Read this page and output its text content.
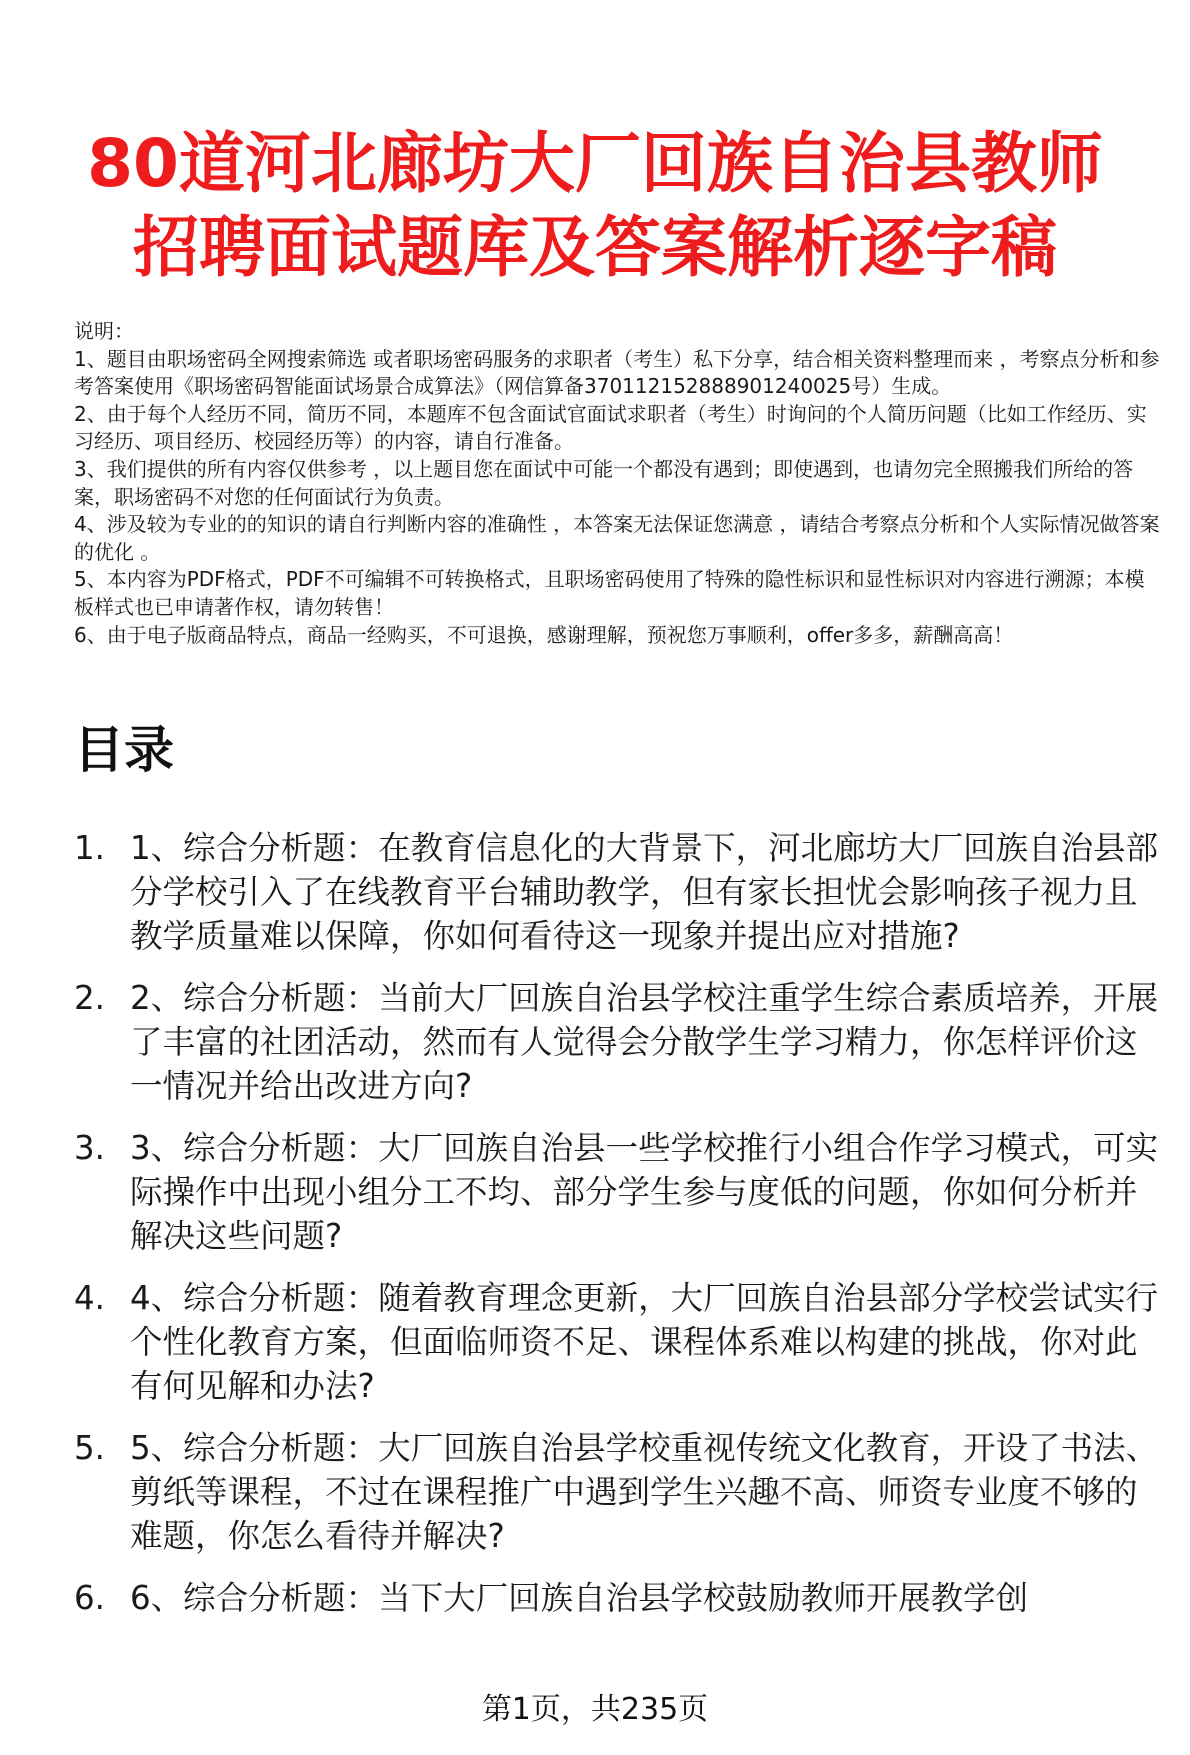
80道河北廊坊大厂回族自治县教师
招聘面试题库及答案解析逐字稿

说明：

1、题目由职场密码全网搜索筛选 或者职场密码服务的求职者（考生）私下分享，结合相关资料整理而来 ，考察点分析和参考答案使用《职场密码智能面试场景合成算法》（网信算备370112152888901240025号）生成。

2、由于每个人经历不同，简历不同，本题库不包含面试官面试求职者（考生）时询问的个人简历问题（比如工作经历、实习经历、项目经历、校园经历等）的内容，请自行准备。

3、我们提供的所有内容仅供参考 ，以上题目您在面试中可能一个都没有遇到；即使遇到，也请勿完全照搬我们所给的答案，职场密码不对您的任何面试行为负责。

4、涉及较为专业的的知识的请自行判断内容的准确性 ，本答案无法保证您满意 ，请结合考察点分析和个人实际情况做答案的优化 。

5、本内容为PDF格式，PDF不可编辑不可转换格式，且职场密码使用了特殊的隐性标识和显性标识对内容进行溯源；本模板样式也已申请著作权，请勿转售！

6、由于电子版商品特点，商品一经购买，不可退换，感谢理解，预祝您万事顺利，offer多多，薪酬高高！

目录
1. 1、综合分析题：在教育信息化的大背景下，河北廊坊大厂回族自治县部分学校引入了在线教育平台辅助教学，但有家长担忧会影响孩子视力且教学质量难以保障，你如何看待这一现象并提出应对措施?
2. 2、综合分析题：当前大厂回族自治县学校注重学生综合素质培养，开展了丰富的社团活动，然而有人觉得会分散学生学习精力，你怎样评价这一情况并给出改进方向?
3. 3、综合分析题：大厂回族自治县一些学校推行小组合作学习模式，可实际操作中出现小组分工不均、部分学生参与度低的问题，你如何分析并解决这些问题?
4. 4、综合分析题：随着教育理念更新，大厂回族自治县部分学校尝试实行个性化教育方案，但面临师资不足、课程体系难以构建的挑战，你对此有何见解和办法?
5. 5、综合分析题：大厂回族自治县学校重视传统文化教育，开设了书法、剪纸等课程，不过在课程推广中遇到学生兴趣不高、师资专业度不够的难题，你怎么看待并解决?
6. 6、综合分析题：当下大厂回族自治县学校鼓励教师开展教学创
第1页，共235页
